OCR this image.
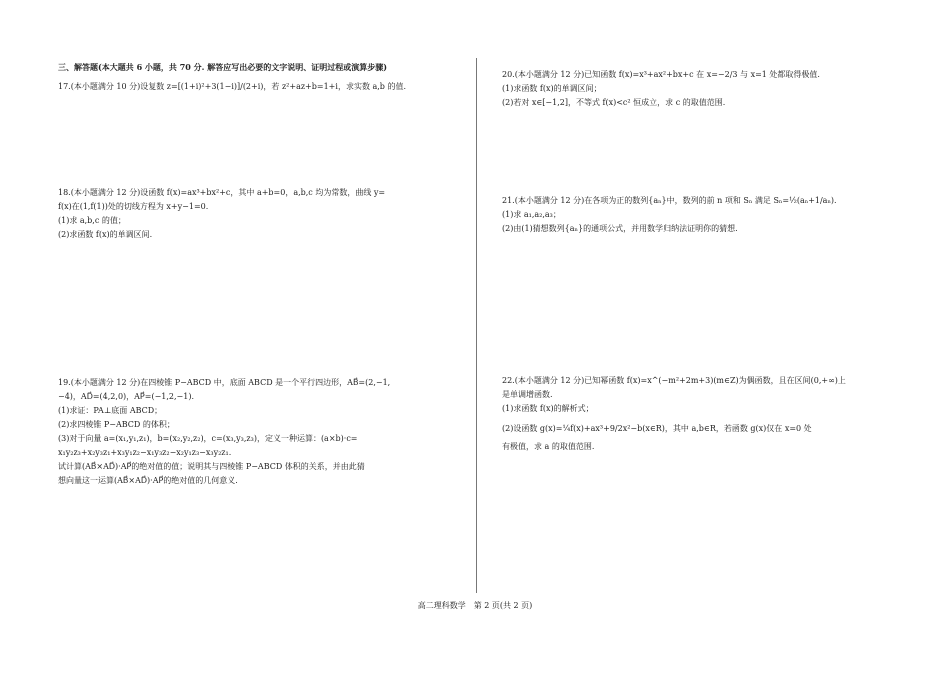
三、解答题(本大题共 6 小题，共 70 分. 解答应写出必要的文字说明、证明过程或演算步骤)

17.(本小题满分 10 分)设复数 z=[(1+i)²+3(1−i)]/(2+i)，若 z²+az+b=1+i，求实数 a,b 的值.

18.(本小题满分 12 分)设函数 f(x)=ax³+bx²+c，其中 a+b=0，a,b,c 均为常数，曲线 y=

f(x)在(1,f(1))处的切线方程为 x+y−1=0.

(1)求 a,b,c 的值；

(2)求函数 f(x)的单调区间.

19.(本小题满分 12 分)在四棱锥 P−ABCD 中，底面 ABCD 是一个平行四边形，AB⃗=(2,−1,

−4)，AD⃗=(4,2,0)，AP⃗=(−1,2,−1).

(1)求证：PA⊥底面 ABCD；

(2)求四棱锥 P−ABCD 的体积；

(3)对于向量 a=(x₁,y₁,z₁)，b=(x₂,y₂,z₂)，c=(x₃,y₃,z₃)，定义一种运算：(a×b)·c=

x₁y₂z₃+x₂y₃z₁+x₃y₁z₂−x₁y₃z₂−x₂y₁z₃−x₃y₂z₁.

试计算(AB⃗×AD⃗)·AP⃗的绝对值的值；说明其与四棱锥 P−ABCD 体积的关系，并由此猜

想向量这一运算(AB⃗×AD⃗)·AP⃗的绝对值的几何意义.

20.(本小题满分 12 分)已知函数 f(x)=x³+ax²+bx+c 在 x=−2/3 与 x=1 处都取得极值.

(1)求函数 f(x)的单调区间；

(2)若对 x∈[−1,2]，不等式 f(x)<c² 恒成立，求 c 的取值范围.

21.(本小题满分 12 分)在各项为正的数列{aₙ}中，数列的前 n 项和 Sₙ 满足 Sₙ=½(aₙ+1/aₙ).

(1)求 a₁,a₂,a₃；

(2)由(1)猜想数列{aₙ}的通项公式，并用数学归纳法证明你的猜想.

22.(本小题满分 12 分)已知幂函数 f(x)=x^(−m²+2m+3)(m∈Z)为偶函数，且在区间(0,+∞)上

是单调增函数.

(1)求函数 f(x)的解析式；

(2)设函数 g(x)=¼f(x)+ax³+9/2x²−b(x∈R)，其中 a,b∈R，若函数 g(x)仅在 x=0 处

有极值，求 a 的取值范围.

高二理科数学　第 2 页(共 2 页)
